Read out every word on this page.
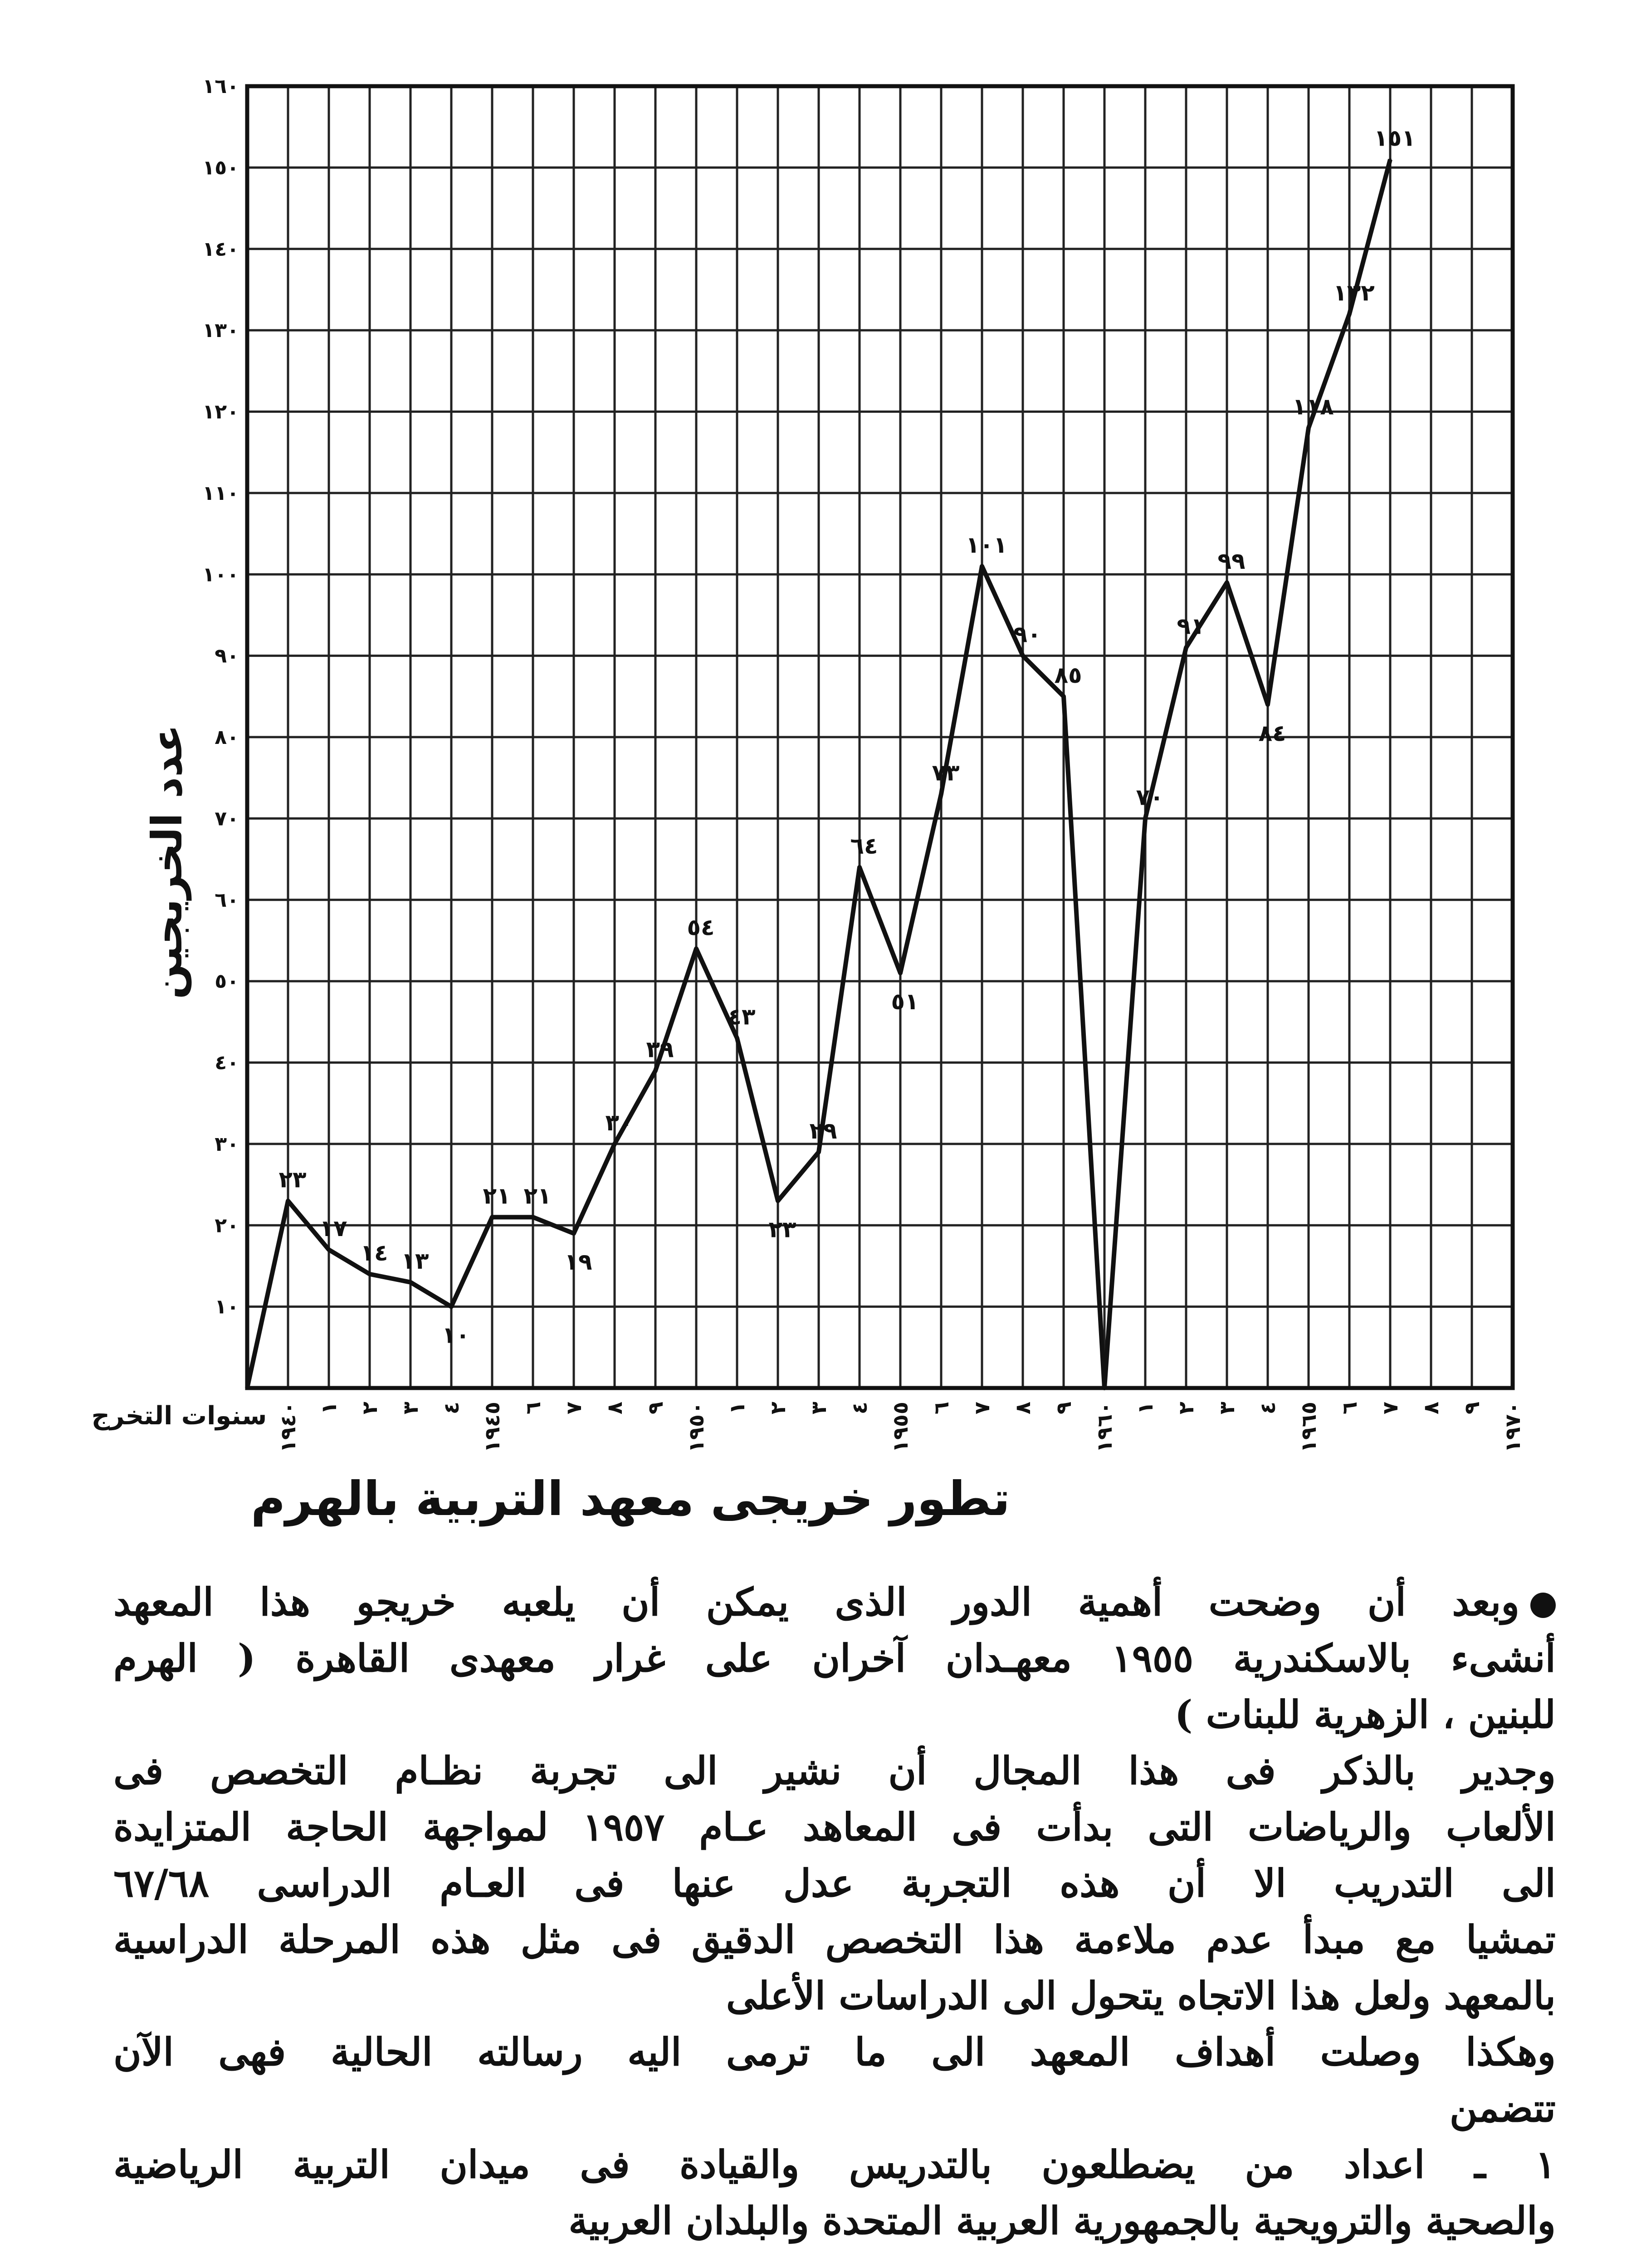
١٠
٢٠
٣٠
٤٠
٥٠
٦٠
٧٠
٨٠
٩٠
١٠٠
١١٠
١٢٠
١٣٠
١٤٠
١٥٠
١٦٠
١٩٤٠ ١ ٢ ٣ ٤ ١٩٤٥ ٦ ٧ ٨ ٩ ١٩٥٠ ١ ٢ ٣ ٤ ١٩٥٥ ٦ ٧ ٨ ٩ ١٩٦٠ ١ ٢ ٣ ٤ ١٩٦٥ ٦ ٧ ٨ ٩ ١٩٧٠
٢٣
١٧
١٤ ١٣
١٠
٢١ ٢١
١٩
٣٠
٣٩
٥٤
٤٣
٢٣
٢٩
٦٤
٥١
٧٣
١٠١
٩٠
٨٥
٧٠
٩١
٩٩
٨٤
١١٨
١٣٢
١٥١
سنوات التخرج
عدد الخريجين
تطور خريجى معهد التربية بالهرم
وبعد أن وضحت أهمية الدور الذى يمكن أن يلعبه خريجو هذا المعهد
أنشىء بالاسكندرية ١٩٥٥ معهـدان آخران على غرار معهدى القاهرة ( الهرم
للبنين ، الزهرية للبنات )
وجدير بالذكر فى هذا المجال أن نشير الى تجربة نظـام التخصص فى
الألعاب والرياضات التى بدأت فى المعاهد عـام ١٩٥٧ لمواجهة الحاجة المتزايدة
الى التدريب الا أن هذه التجربة عدل عنها فى العـام الدراسى ٦٧/٦٨
تمشيا مع مبدأ عدم ملاءمة هذا التخصص الدقيق فى مثل هذه المرحلة الدراسية
بالمعهد ولعل هذا الاتجاه يتحول الى الدراسات الأعلى
وهكذا وصلت أهداف المعهد الى ما ترمى اليه رسالته الحالية فهى الآن
تتضمن
١ ـ اعداد من يضطلعون بالتدريس والقيادة فى ميدان التربية الرياضية
والصحية والترويحية بالجمهورية العربية المتحدة والبلدان العربية
